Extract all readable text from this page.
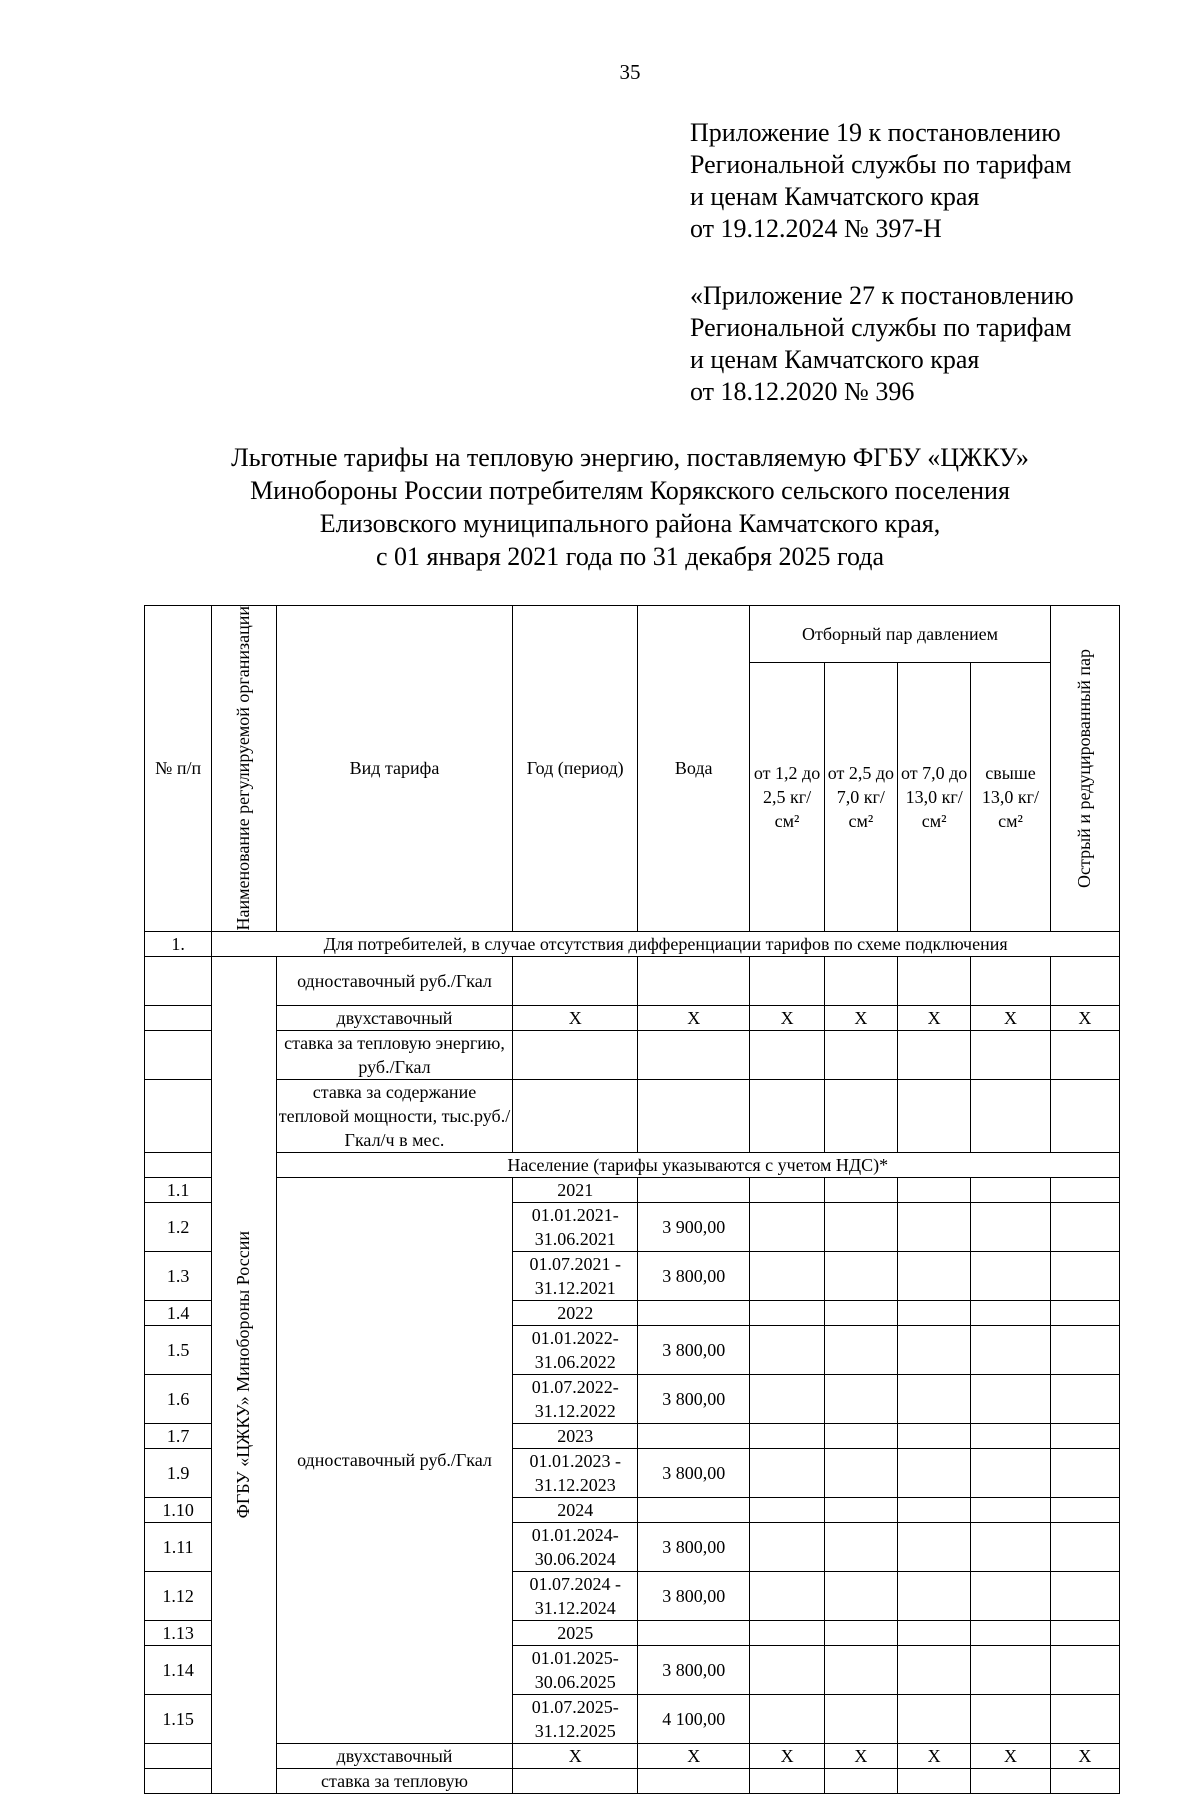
35
Приложение 19 к постановлению
Региональной службы по тарифам
и ценам Камчатского края
от 19.12.2024 № 397-Н
«Приложение 27 к постановлению
Региональной службы по тарифам
и ценам Камчатского края
от 18.12.2020 № 396
Льготные тарифы на тепловую энергию, поставляемую ФГБУ «ЦЖКУ»
Минобороны России потребителям Корякского сельского поселения
Елизовского муниципального района Камчатского края,
с 01 января 2021 года по 31 декабря 2025 года
№ п/п	Наименование регулируемой организации	Вид тарифа	Год (период)	Вода	Отборный пар давлением				Острый и редуцированный пар

					от 1,2 до 2,5 кг/см²	от 2,5 до 7,0 кг/см²	от 7,0 до 13,0 кг/см²	свыше 13,0 кг/см²	
1.	Для потребителей, в случае отсутствия дифференциации тарифов по схеме подключения								

	ФГБУ «ЦЖКУ» Минобороны России	одноставочный руб./Гкал							
		двухставочный	X	X	X	X	X	X	X
		ставка за тепловую энергию, руб./Гкал							
		ставка за содержание тепловой мощности, тыс.руб./Гкал/ч в мес.							
		Население (тарифы указываются с учетом НДС)*							
1.1		одноставочный руб./Гкал	2021						
1.2			01.01.2021-31.06.2021	3 900,00					
1.3			01.07.2021 - 31.12.2021	3 800,00					
1.4			2022						
1.5			01.01.2022-31.06.2022	3 800,00					
1.6			01.07.2022-31.12.2022	3 800,00					
1.7			2023						
1.9			01.01.2023 - 31.12.2023	3 800,00					
1.10			2024						
1.11			01.01.2024-30.06.2024	3 800,00					
1.12			01.07.2024 - 31.12.2024	3 800,00					
1.13			2025						
1.14			01.01.2025-30.06.2025	3 800,00					
1.15			01.07.2025-31.12.2025	4 100,00					
		двухставочный	X	X	X	X	X	X	X
		ставка за тепловую							
